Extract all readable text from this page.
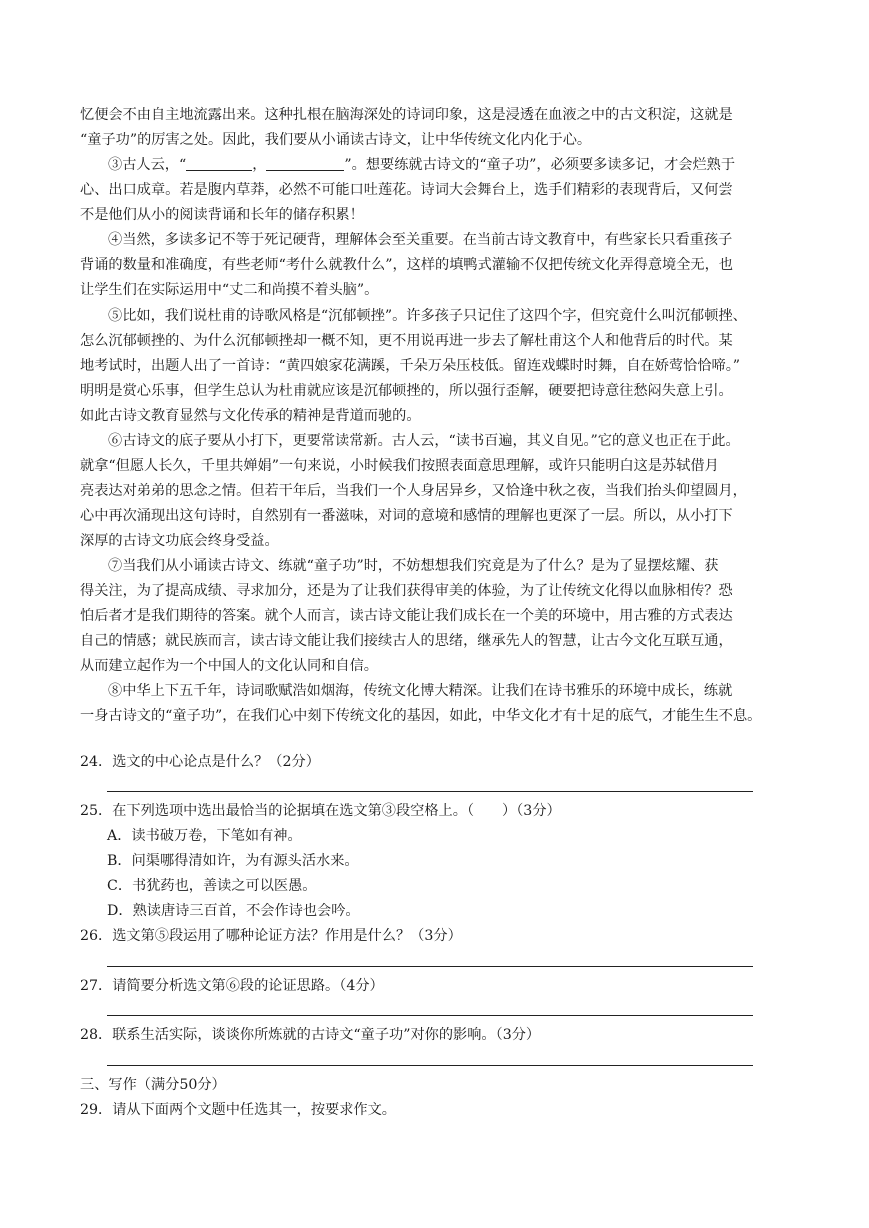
忆便会不由自主地流露出来。这种扎根在脑海深处的诗词印象，这是浸透在血液之中的古文积淀，这就是
“童子功”的厉害之处。因此，我们要从小诵读古诗文，让中华传统文化内化于心。
③古人云，“	，	”。想要练就古诗文的“童子功”，必须要多读多记，才会烂熟于
心、出口成章。若是腹内草莽，必然不可能口吐莲花。诗词大会舞台上，选手们精彩的表现背后，又何尝
不是他们从小的阅读背诵和长年的储存积累！
④当然，多读多记不等于死记硬背，理解体会至关重要。在当前古诗文教育中，有些家长只看重孩子
背诵的数量和准确度，有些老师“考什么就教什么”，这样的填鸭式灌输不仅把传统文化弄得意境全无，也
让学生们在实际运用中“丈二和尚摸不着头脑”。
⑤比如，我们说杜甫的诗歌风格是“沉郁顿挫”。许多孩子只记住了这四个字，但究竟什么叫沉郁顿挫、
怎么沉郁顿挫的、为什么沉郁顿挫却一概不知，更不用说再进一步去了解杜甫这个人和他背后的时代。某
地考试时，出题人出了一首诗：“黄四娘家花满蹊，千朵万朵压枝低。留连戏蝶时时舞，自在娇莺恰恰啼。”
明明是赏心乐事，但学生总认为杜甫就应该是沉郁顿挫的，所以强行歪解，硬要把诗意往愁闷失意上引。
如此古诗文教育显然与文化传承的精神是背道而驰的。
⑥古诗文的底子要从小打下，更要常读常新。古人云，“读书百遍，其义自见。”它的意义也正在于此。
就拿“但愿人长久，千里共婵娟”一句来说，小时候我们按照表面意思理解，或许只能明白这是苏轼借月
亮表达对弟弟的思念之情。但若干年后，当我们一个人身居异乡，又恰逢中秋之夜，当我们抬头仰望圆月，
心中再次涌现出这句诗时，自然别有一番滋味，对词的意境和感情的理解也更深了一层。所以，从小打下
深厚的古诗文功底会终身受益。
⑦当我们从小诵读古诗文、练就“童子功”时，不妨想想我们究竟是为了什么？是为了显摆炫耀、获
得关注，为了提高成绩、寻求加分，还是为了让我们获得审美的体验，为了让传统文化得以血脉相传？恐
怕后者才是我们期待的答案。就个人而言，读古诗文能让我们成长在一个美的环境中，用古雅的方式表达
自己的情感；就民族而言，读古诗文能让我们接续古人的思绪，继承先人的智慧，让古今文化互联互通，
从而建立起作为一个中国人的文化认同和自信。
⑧中华上下五千年，诗词歌赋浩如烟海，传统文化博大精深。让我们在诗书雅乐的环境中成长，练就
一身古诗文的“童子功”，在我们心中刻下传统文化的基因，如此，中华文化才有十足的底气，才能生生不息。
24．选文的中心论点是什么？（2分）
25．在下列选项中选出最恰当的论据填在选文第③段空格上。（ ）（3分）
A．读书破万卷，下笔如有神。
B．问渠哪得清如许，为有源头活水来。
C．书犹药也，善读之可以医愚。
D．熟读唐诗三百首，不会作诗也会吟。
26．选文第⑤段运用了哪种论证方法？作用是什么？（3分）
27．请简要分析选文第⑥段的论证思路。（4分）
28．联系生活实际，谈谈你所炼就的古诗文“童子功”对你的影响。（3分）
三、写作（满分50分）
29．请从下面两个文题中任选其一，按要求作文。
